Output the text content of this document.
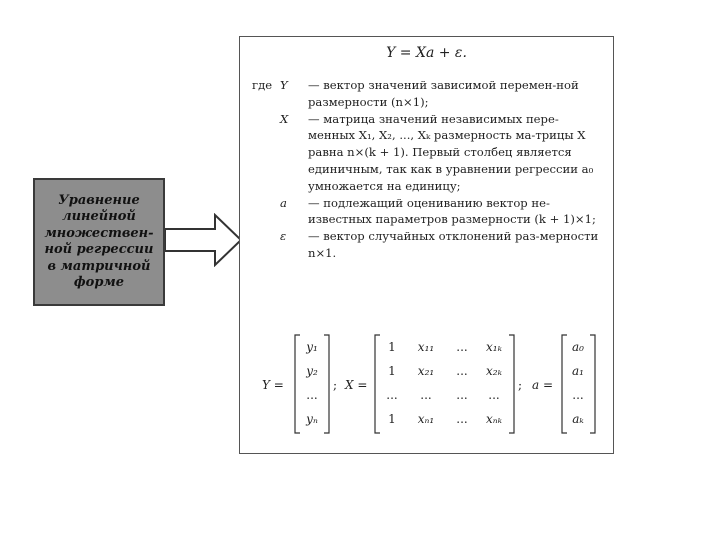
Уравнение
линейной
множествен-
ной регрессии
в матричной
форме
Y = Xa + ε.
где Y	— вектор значений зависимой перемен-ной размерности (n×1);
X	— матрица значений независимых пере-менных X₁, X₂, ..., Xₖ размерность ма-трицы X равна n×(k + 1). Первый столбец является единичным, так как в уравнении регрессии a₀ умножается на единицу;
a	— подлежащий оцениванию вектор не-известных параметров размерности (k + 1)×1;
ε	— вектор случайных отклонений раз-мерности n×1.
Y =
y₁
y₂
...
yₙ
; X =
1 x₁₁ ... x₁ₖ
1 x₂₁ ... x₂ₖ
... ... ... ...
1 xₙ₁ ... xₙₖ
; a =
a₀
a₁
...
aₖ
